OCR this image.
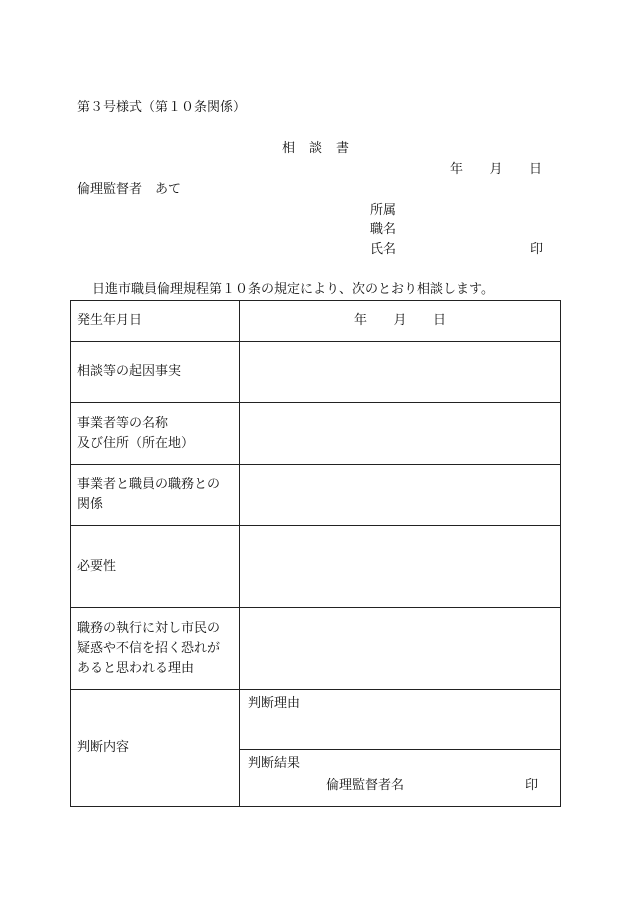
第３号様式（第１０条関係）
相談書
年 月 日
倫理監督者　あて
所属
職名
氏名	印
日進市職員倫理規程第１０条の規定により、次のとおり相談します。
発生年月日	年 月 日

相談等の起因事実	

事業者等の名称
及び住所（所在地）	

事業者と職員の職務との
関係	

必要性	

職務の執行に対し市民の
疑惑や不信を招く恐れが
あると思われる理由	

判断内容	判断理由

	判断結果
倫理監督者名 印
